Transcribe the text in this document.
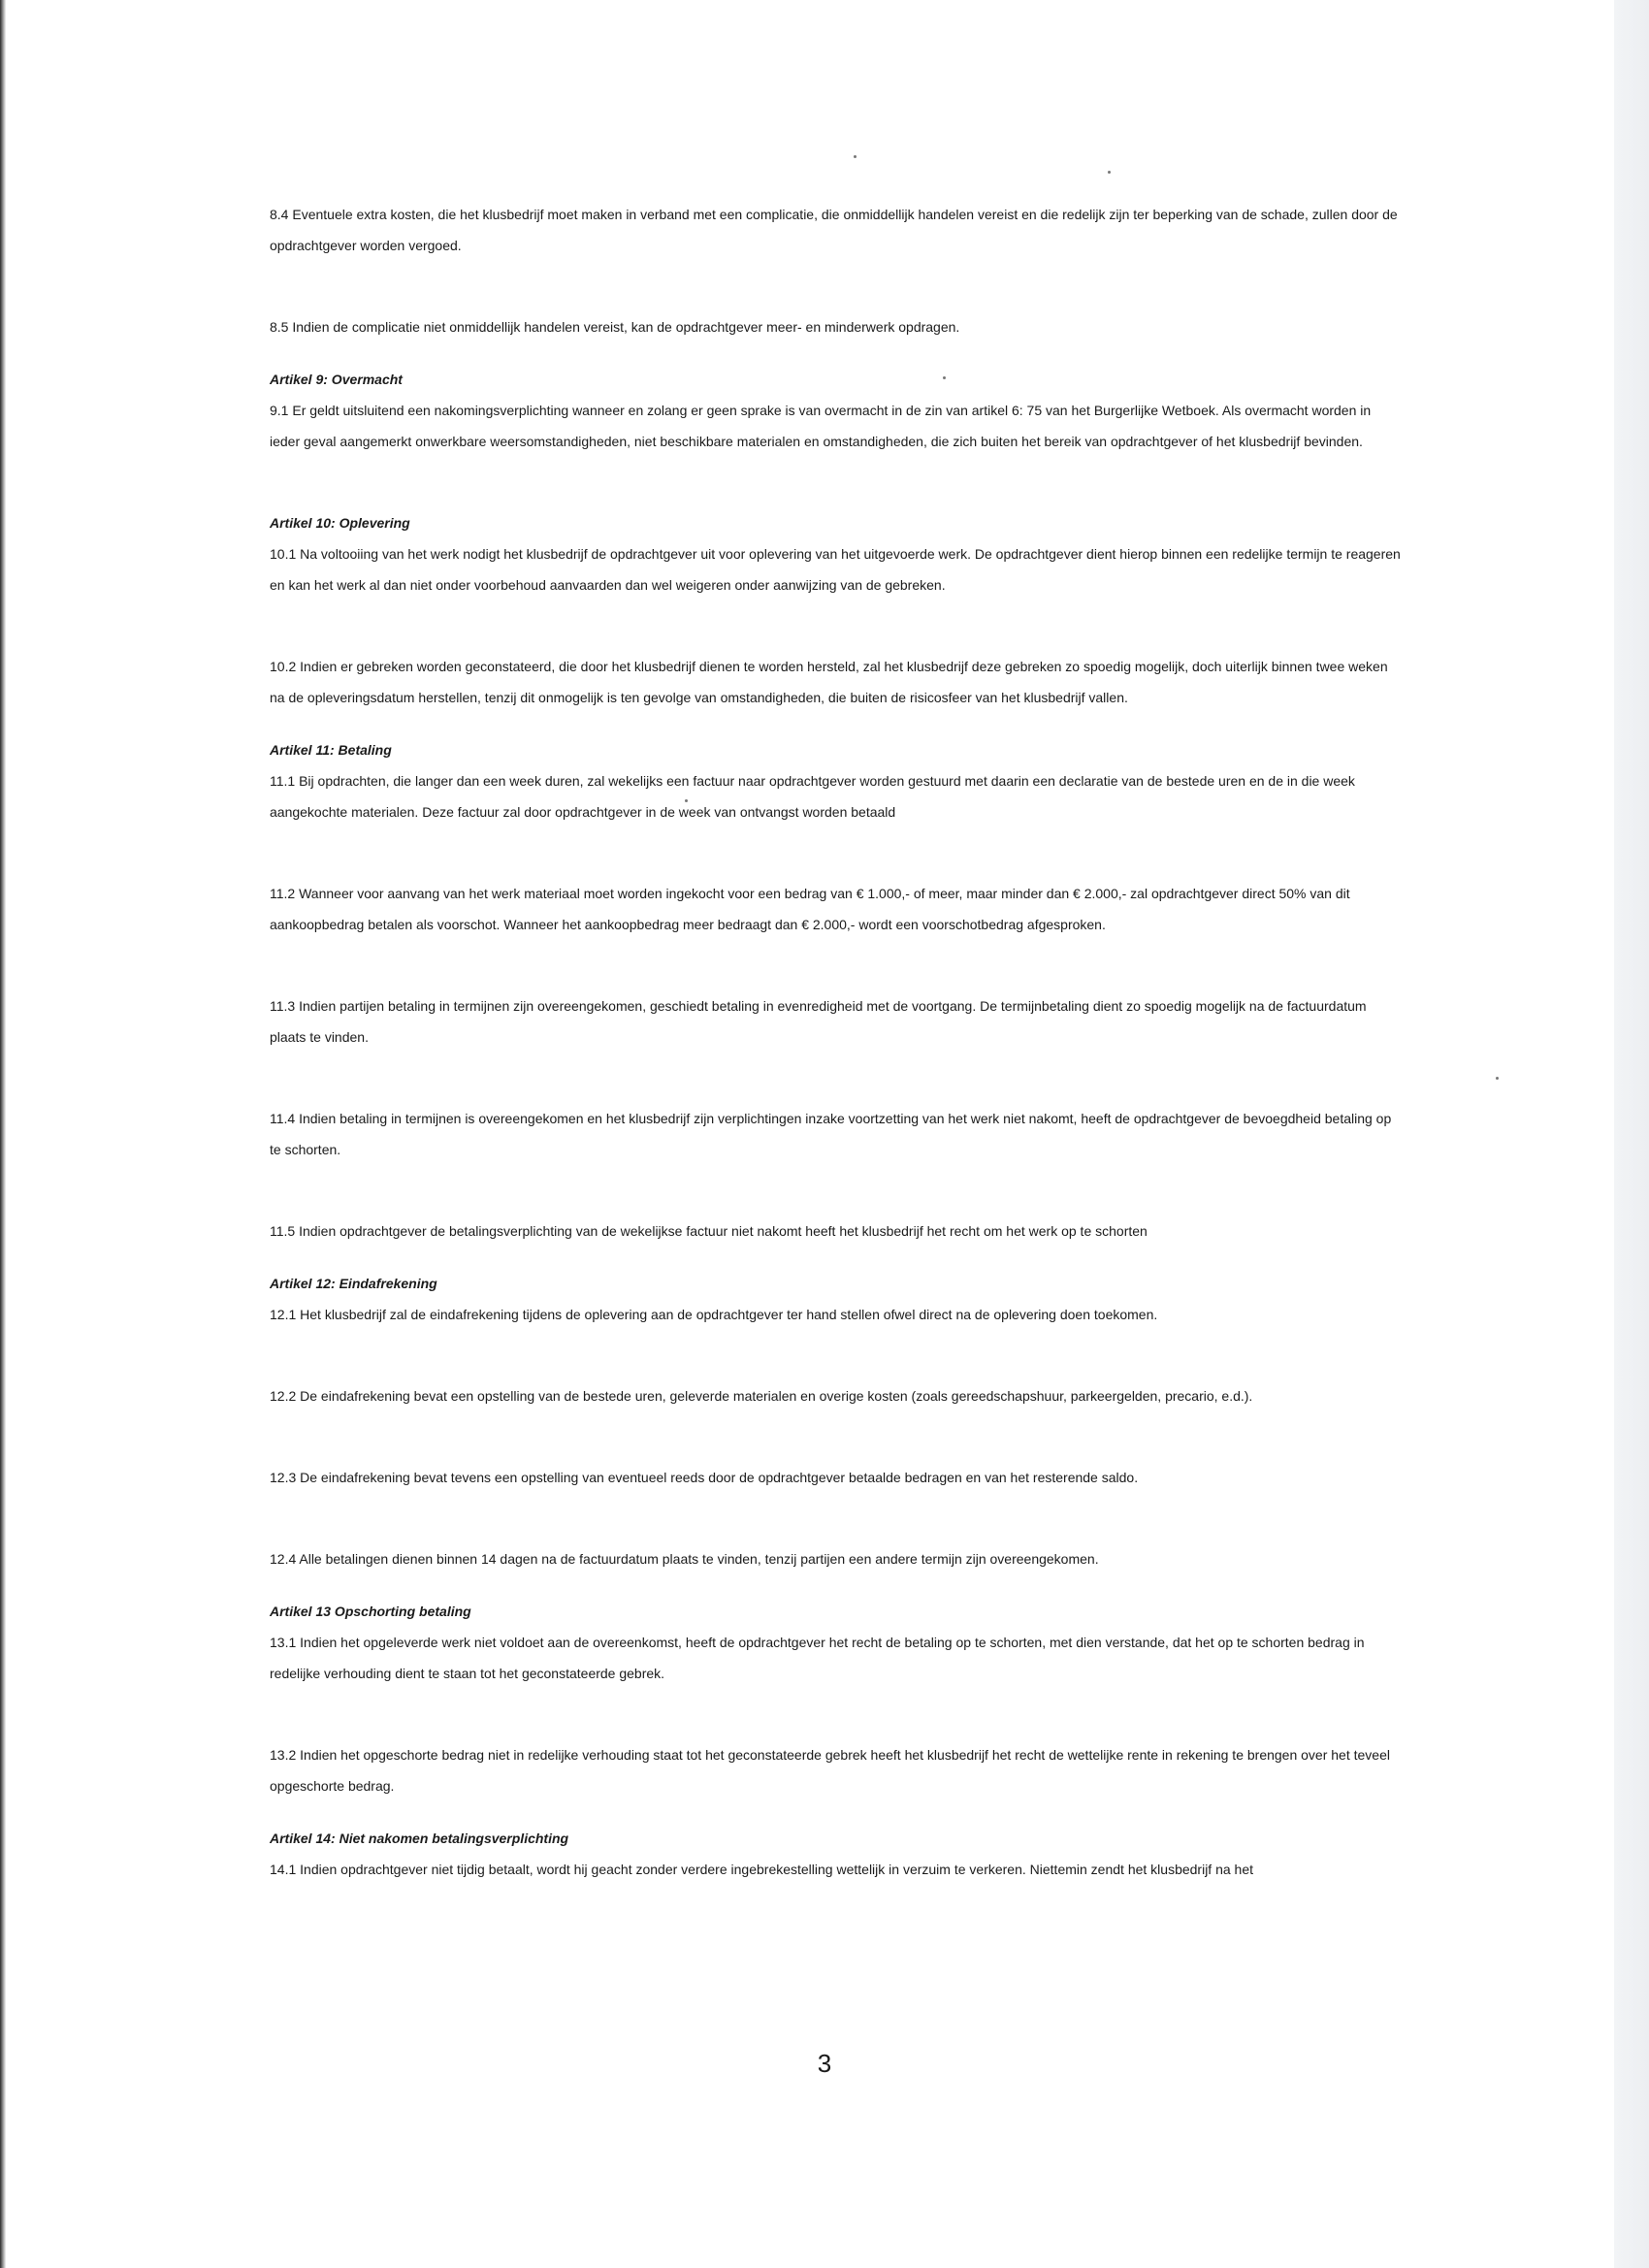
8.4 Eventuele extra kosten, die het klusbedrijf moet maken in verband met een complicatie, die onmiddellijk handelen vereist en die redelijk zijn ter beperking van de schade, zullen door de opdrachtgever worden vergoed.

8.5 Indien de complicatie niet onmiddellijk handelen vereist, kan de opdrachtgever meer- en minderwerk opdragen.

Artikel 9: Overmacht

9.1 Er geldt uitsluitend een nakomingsverplichting wanneer en zolang er geen sprake is van overmacht in de zin van artikel 6: 75 van het Burgerlijke Wetboek. Als overmacht worden in ieder geval aangemerkt onwerkbare weersomstandigheden, niet beschikbare materialen en omstandigheden, die zich buiten het bereik van opdrachtgever of het klusbedrijf bevinden.

Artikel 10: Oplevering

10.1 Na voltooiing van het werk nodigt het klusbedrijf de opdrachtgever uit voor oplevering van het uitgevoerde werk. De opdrachtgever dient hierop binnen een redelijke termijn te reageren en kan het werk al dan niet onder voorbehoud aanvaarden dan wel weigeren onder aanwijzing van de gebreken.

10.2 Indien er gebreken worden geconstateerd, die door het klusbedrijf dienen te worden hersteld, zal het klusbedrijf deze gebreken zo spoedig mogelijk, doch uiterlijk binnen twee weken na de opleveringsdatum herstellen, tenzij dit onmogelijk is ten gevolge van omstandigheden, die buiten de risicosfeer van het klusbedrijf vallen.

Artikel 11: Betaling

11.1 Bij opdrachten, die langer dan een week duren, zal wekelijks een factuur naar opdrachtgever worden gestuurd met daarin een declaratie van de bestede uren en de in die week aangekochte materialen. Deze factuur zal door opdrachtgever in de week van ontvangst worden betaald

11.2 Wanneer voor aanvang van het werk materiaal moet worden ingekocht voor een bedrag van € 1.000,- of meer, maar minder dan € 2.000,- zal opdrachtgever direct 50% van dit aankoopbedrag betalen als voorschot. Wanneer het aankoopbedrag meer bedraagt dan € 2.000,- wordt een voorschotbedrag afgesproken.

11.3 Indien partijen betaling in termijnen zijn overeengekomen, geschiedt betaling in evenredigheid met de voortgang. De termijnbetaling dient zo spoedig mogelijk na de factuurdatum plaats te vinden.

11.4 Indien betaling in termijnen is overeengekomen en het klusbedrijf zijn verplichtingen inzake voortzetting van het werk niet nakomt, heeft de opdrachtgever de bevoegdheid betaling op te schorten.

11.5 Indien opdrachtgever de betalingsverplichting van de wekelijkse factuur niet nakomt heeft het klusbedrijf het recht om het werk op te schorten

Artikel 12: Eindafrekening

12.1 Het klusbedrijf zal de eindafrekening tijdens de oplevering aan de opdrachtgever ter hand stellen ofwel direct na de oplevering doen toekomen.

12.2 De eindafrekening bevat een opstelling van de bestede uren, geleverde materialen en overige kosten (zoals gereedschapshuur, parkeergelden, precario, e.d.).

12.3 De eindafrekening bevat tevens een opstelling van eventueel reeds door de opdrachtgever betaalde bedragen en van het resterende saldo.

12.4 Alle betalingen dienen binnen 14 dagen na de factuurdatum plaats te vinden, tenzij partijen een andere termijn zijn overeengekomen.

Artikel 13 Opschorting betaling

13.1 Indien het opgeleverde werk niet voldoet aan de overeenkomst, heeft de opdrachtgever het recht de betaling op te schorten, met dien verstande, dat het op te schorten bedrag in redelijke verhouding dient te staan tot het geconstateerde gebrek.

13.2 Indien het opgeschorte bedrag niet in redelijke verhouding staat tot het geconstateerde gebrek heeft het klusbedrijf het recht de wettelijke rente in rekening te brengen over het teveel opgeschorte bedrag.

Artikel 14: Niet nakomen betalingsverplichting

14.1 Indien opdrachtgever niet tijdig betaalt, wordt hij geacht zonder verdere ingebrekestelling wettelijk in verzuim te verkeren. Niettemin zendt het klusbedrijf na het

3
